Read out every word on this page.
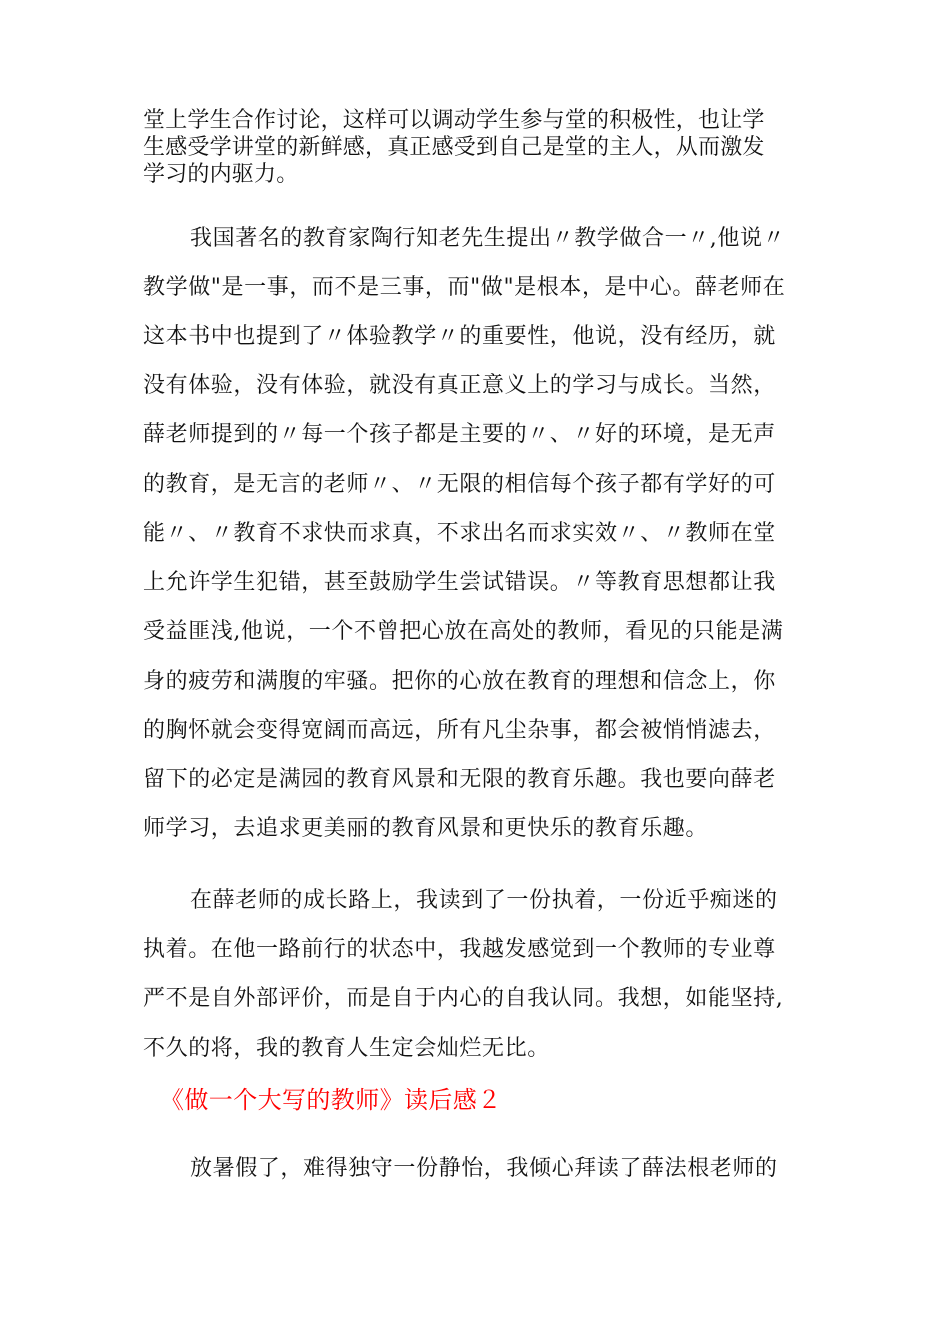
堂上学生合作讨论，这样可以调动学生参与堂的积极性，也让学
生感受学讲堂的新鲜感，真正感受到自己是堂的主人，从而激发
学习的内驱力。
我国著名的教育家陶行知老先生提出〃教学做合一〃,他说〃
教学做"是一事，而不是三事，而"做"是根本，是中心。薛老师在
这本书中也提到了〃体验教学〃的重要性，他说，没有经历，就
没有体验，没有体验，就没有真正意义上的学习与成长。当然，
薛老师提到的〃每一个孩子都是主要的〃、〃好的环境，是无声
的教育，是无言的老师〃、〃无限的相信每个孩子都有学好的可
能〃、〃教育不求快而求真，不求出名而求实效〃、〃教师在堂
上允许学生犯错，甚至鼓励学生尝试错误。〃等教育思想都让我
受益匪浅,他说，一个不曾把心放在高处的教师，看见的只能是满
身的疲劳和满腹的牢骚。把你的心放在教育的理想和信念上，你
的胸怀就会变得宽阔而高远，所有凡尘杂事，都会被悄悄滤去，
留下的必定是满园的教育风景和无限的教育乐趣。我也要向薛老
师学习，去追求更美丽的教育风景和更快乐的教育乐趣。
在薛老师的成长路上，我读到了一份执着，一份近乎痴迷的
执着。在他一路前行的状态中，我越发感觉到一个教师的专业尊
严不是自外部评价，而是自于内心的自我认同。我想，如能坚持,
不久的将，我的教育人生定会灿烂无比。
《做一个大写的教师》读后感２
放暑假了，难得独守一份静怡，我倾心拜读了薛法根老师的
